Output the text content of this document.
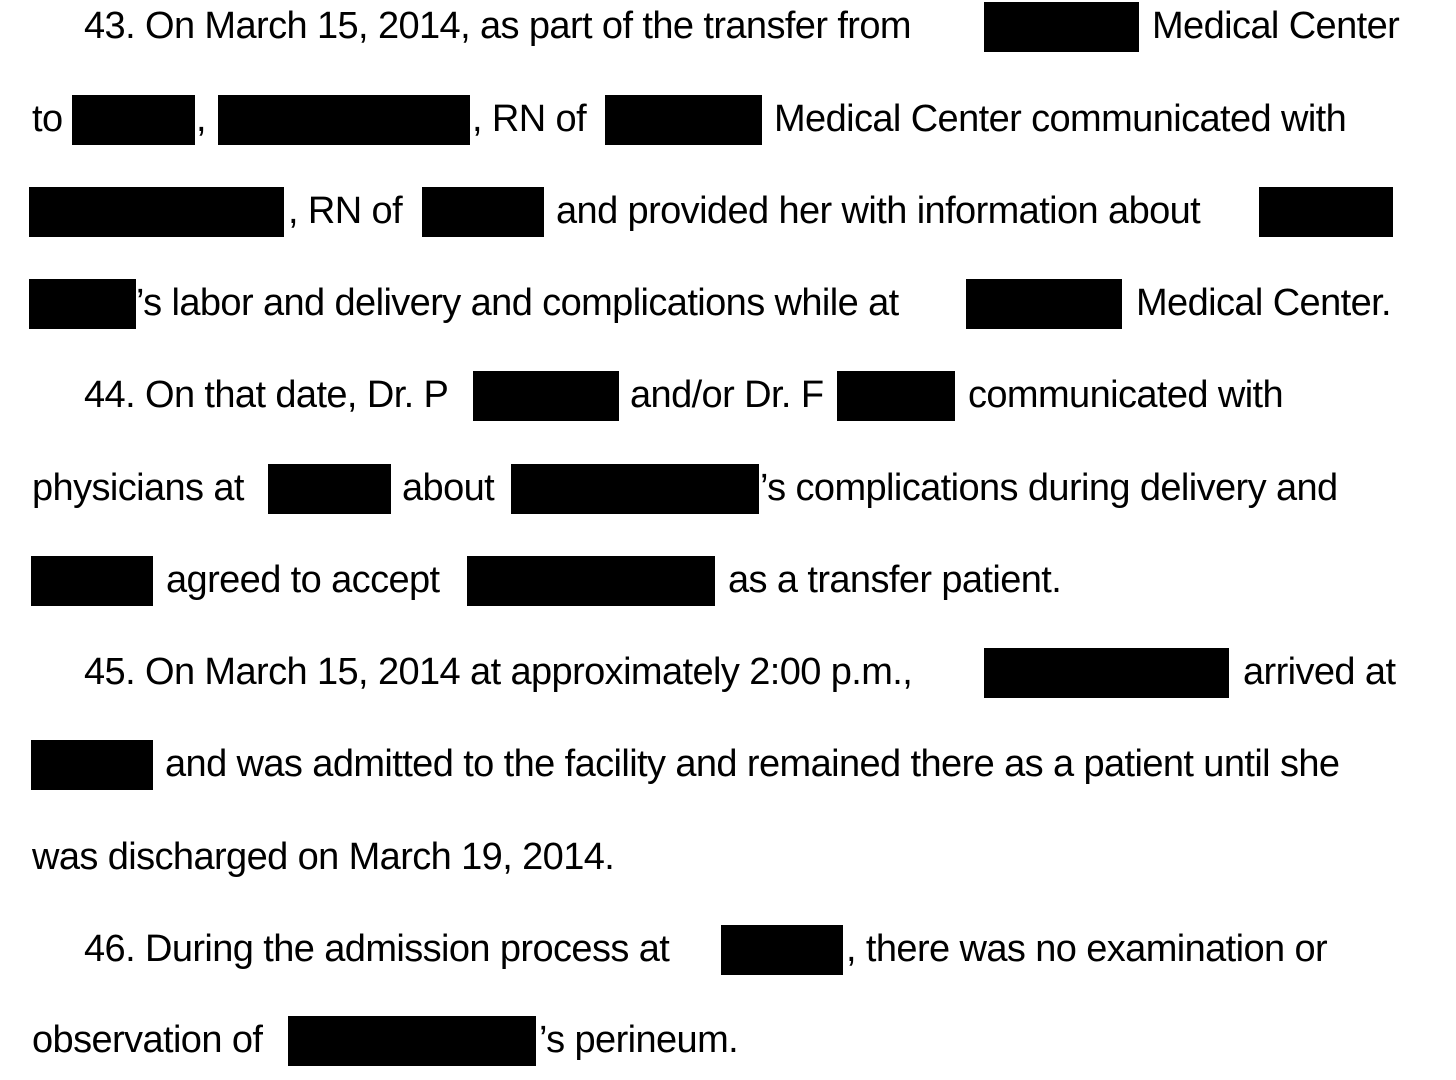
43. On March 15, 2014, as part of the transfer from	Medical Center
to	,	, RN of	Medical Center communicated with
, RN of	and provided her with information about
’s labor and delivery and complications while at	Medical Center.
44. On that date, Dr. P	and/or Dr. F	communicated with
physicians at	about	’s complications during delivery and
agreed to accept	as a transfer patient.
45. On March 15, 2014 at approximately 2:00 p.m.,	arrived at
and was admitted to the facility and remained there as a patient until she
was discharged on March 19, 2014.
46. During the admission process at	, there was no examination or
observation of	’s perineum.
